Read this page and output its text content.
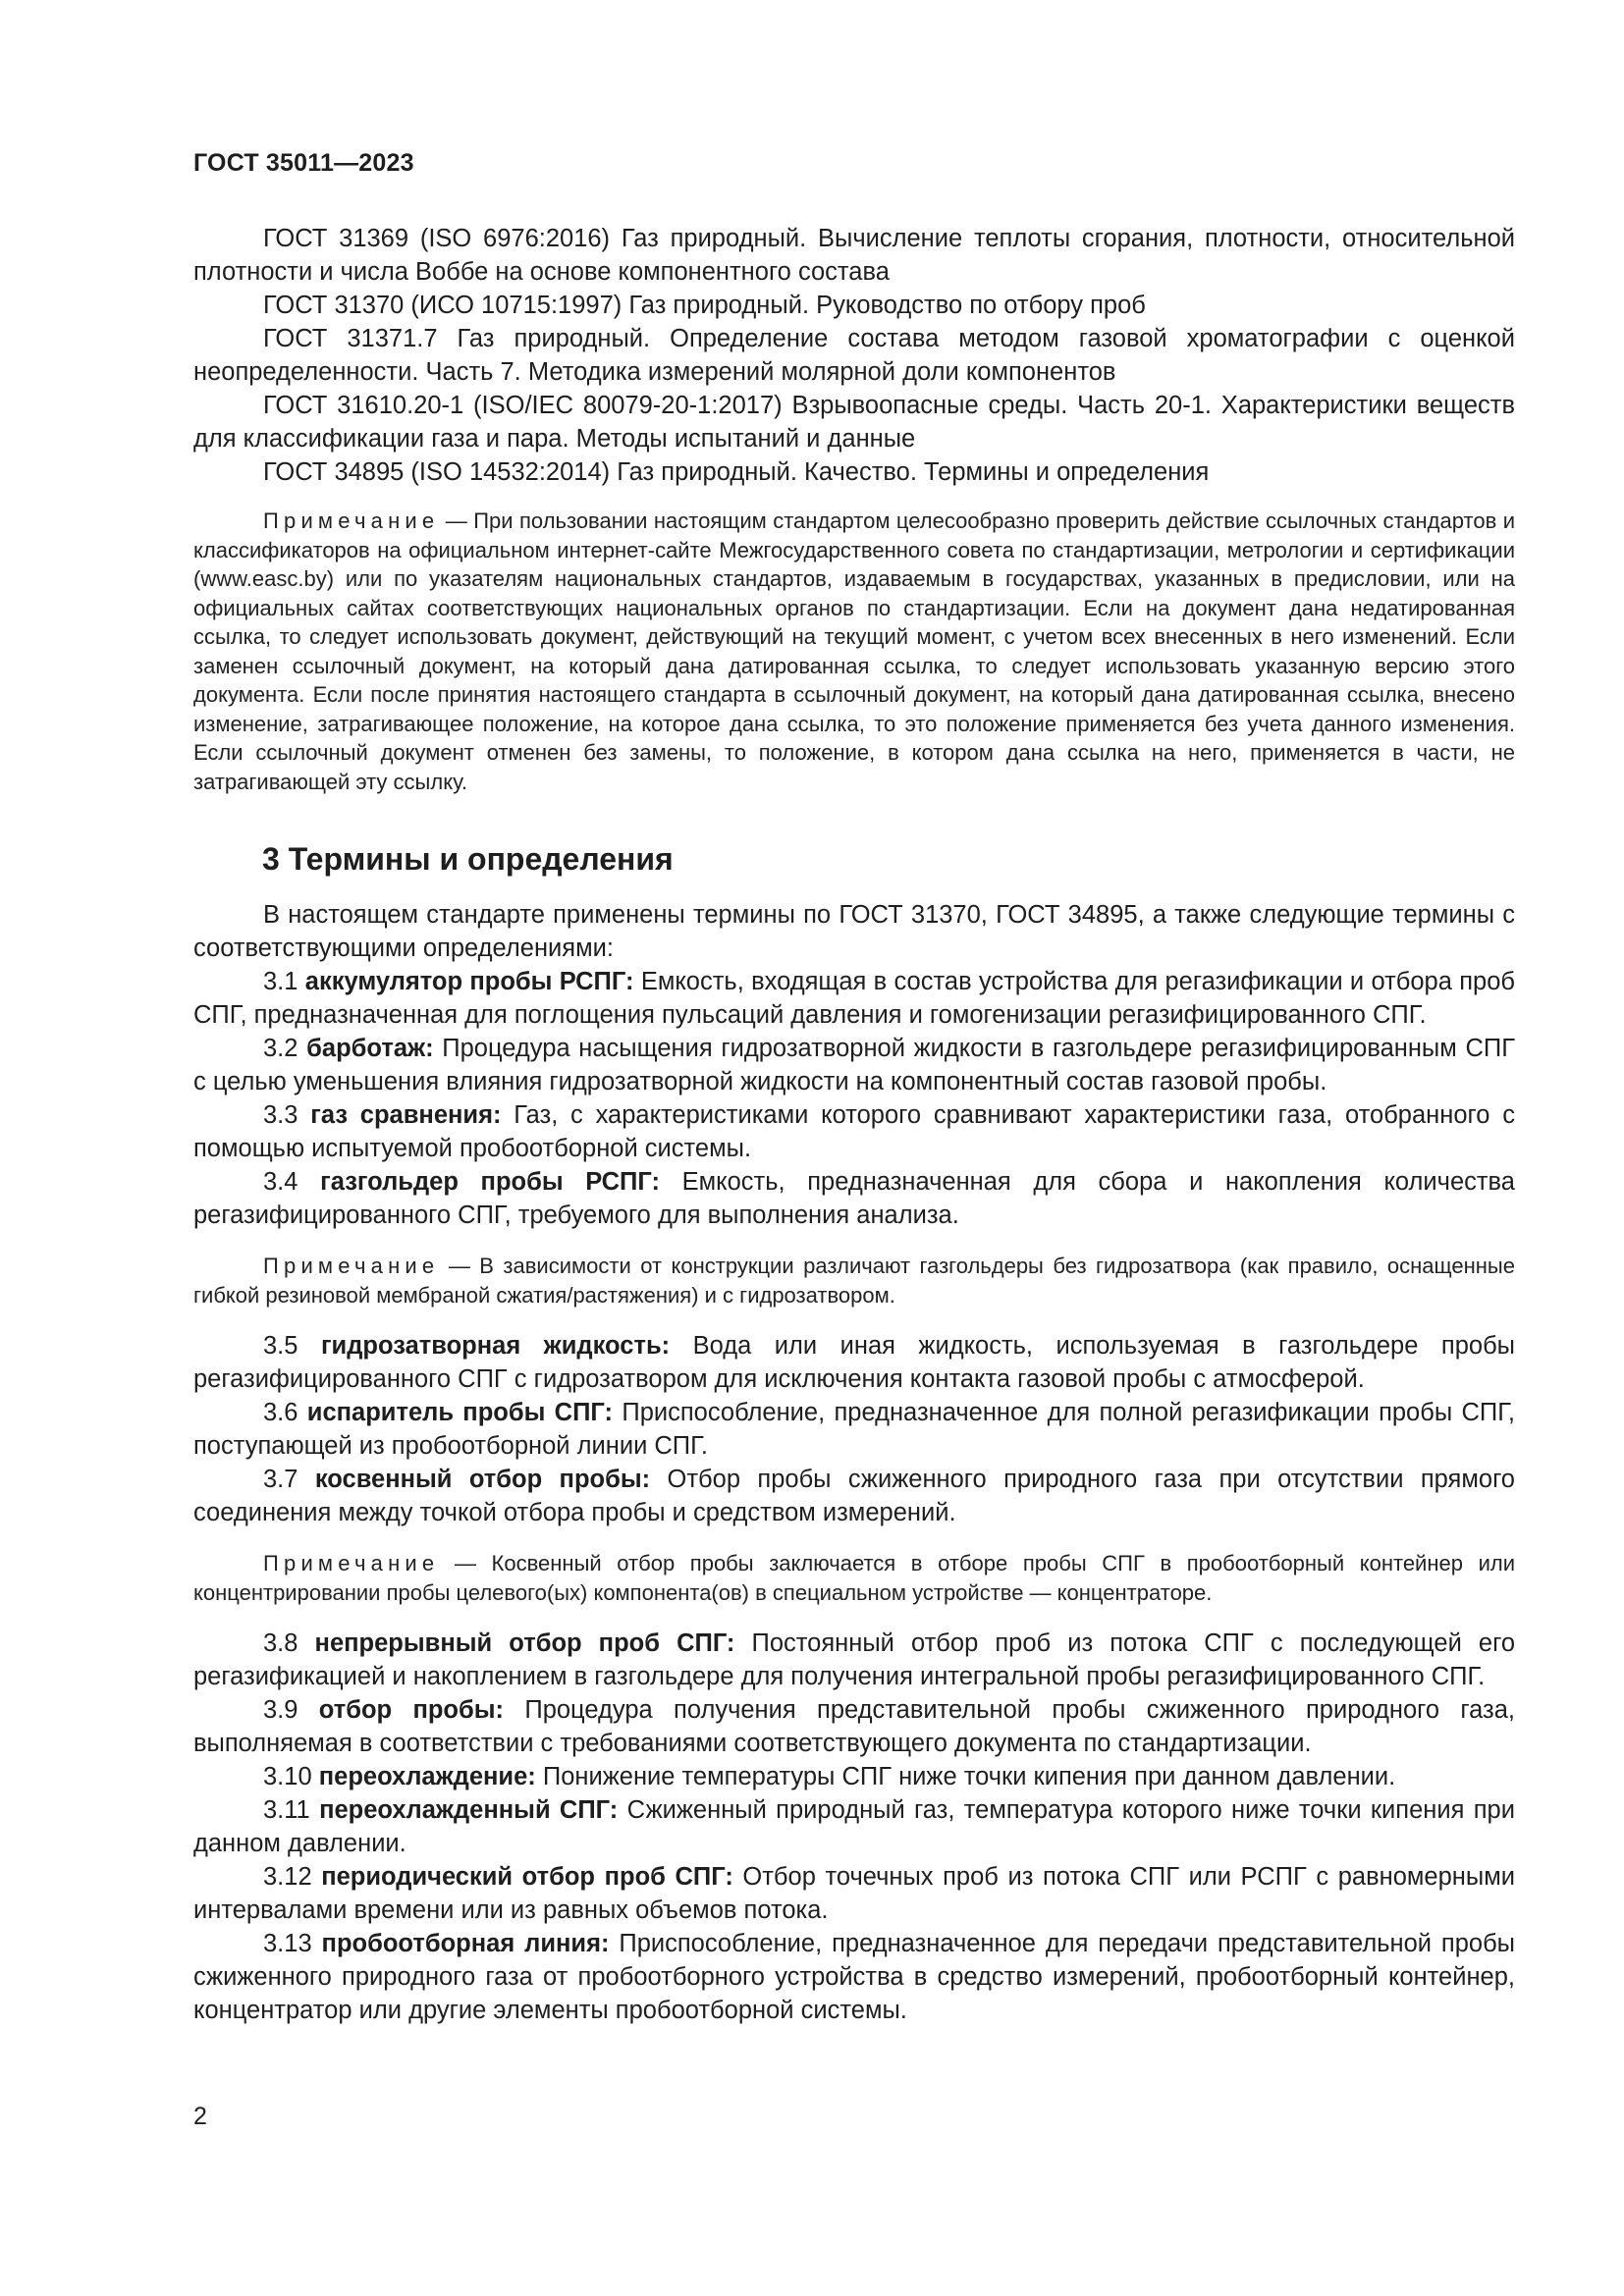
ГОСТ 35011—2023

ГОСТ 31369 (ISO 6976:2016) Газ природный. Вычисление теплоты сгорания, плотности, относительной плотности и числа Воббе на основе компонентного состава

ГОСТ 31370 (ИСО 10715:1997) Газ природный. Руководство по отбору проб

ГОСТ 31371.7 Газ природный. Определение состава методом газовой хроматографии с оценкой неопределенности. Часть 7. Методика измерений молярной доли компонентов

ГОСТ 31610.20-1 (ISO/IEC 80079-20-1:2017) Взрывоопасные среды. Часть 20-1. Характеристики веществ для классификации газа и пара. Методы испытаний и данные

ГОСТ 34895 (ISO 14532:2014) Газ природный. Качество. Термины и определения

Примечание — При пользовании настоящим стандартом целесообразно проверить действие ссылочных стандартов и классификаторов на официальном интернет-сайте Межгосударственного совета по стандартизации, метрологии и сертификации (www.easc.by) или по указателям национальных стандартов, издаваемым в государствах, указанных в предисловии, или на официальных сайтах соответствующих национальных органов по стандартизации. Если на документ дана недатированная ссылка, то следует использовать документ, действующий на текущий момент, с учетом всех внесенных в него изменений. Если заменен ссылочный документ, на который дана датированная ссылка, то следует использовать указанную версию этого документа. Если после принятия настоящего стандарта в ссылочный документ, на который дана датированная ссылка, внесено изменение, затрагивающее положение, на которое дана ссылка, то это положение применяется без учета данного изменения. Если ссылочный документ отменен без замены, то положение, в котором дана ссылка на него, применяется в части, не затрагивающей эту ссылку.

3 Термины и определения

В настоящем стандарте применены термины по ГОСТ 31370, ГОСТ 34895, а также следующие термины с соответствующими определениями:

3.1 аккумулятор пробы РСПГ: Емкость, входящая в состав устройства для регазификации и отбора проб СПГ, предназначенная для поглощения пульсаций давления и гомогенизации регазифицированного СПГ.

3.2 барботаж: Процедура насыщения гидрозатворной жидкости в газгольдере регазифицированным СПГ с целью уменьшения влияния гидрозатворной жидкости на компонентный состав газовой пробы.

3.3 газ сравнения: Газ, с характеристиками которого сравнивают характеристики газа, отобранного с помощью испытуемой пробоотборной системы.

3.4 газгольдер пробы РСПГ: Емкость, предназначенная для сбора и накопления количества регазифицированного СПГ, требуемого для выполнения анализа.

Примечание — В зависимости от конструкции различают газгольдеры без гидрозатвора (как правило, оснащенные гибкой резиновой мембраной сжатия/растяжения) и с гидрозатвором.

3.5 гидрозатворная жидкость: Вода или иная жидкость, используемая в газгольдере пробы регазифицированного СПГ с гидрозатвором для исключения контакта газовой пробы с атмосферой.

3.6 испаритель пробы СПГ: Приспособление, предназначенное для полной регазификации пробы СПГ, поступающей из пробоотборной линии СПГ.

3.7 косвенный отбор пробы: Отбор пробы сжиженного природного газа при отсутствии прямого соединения между точкой отбора пробы и средством измерений.

Примечание — Косвенный отбор пробы заключается в отборе пробы СПГ в пробоотборный контейнер или концентрировании пробы целевого(ых) компонента(ов) в специальном устройстве — концентраторе.

3.8 непрерывный отбор проб СПГ: Постоянный отбор проб из потока СПГ с последующей его регазификацией и накоплением в газгольдере для получения интегральной пробы регазифицированного СПГ.

3.9 отбор пробы: Процедура получения представительной пробы сжиженного природного газа, выполняемая в соответствии с требованиями соответствующего документа по стандартизации.

3.10 переохлаждение: Понижение температуры СПГ ниже точки кипения при данном давлении.

3.11 переохлажденный СПГ: Сжиженный природный газ, температура которого ниже точки кипения при данном давлении.

3.12 периодический отбор проб СПГ: Отбор точечных проб из потока СПГ или РСПГ с равномерными интервалами времени или из равных объемов потока.

3.13 пробоотборная линия: Приспособление, предназначенное для передачи представительной пробы сжиженного природного газа от пробоотборного устройства в средство измерений, пробоотборный контейнер, концентратор или другие элементы пробоотборной системы.

2
